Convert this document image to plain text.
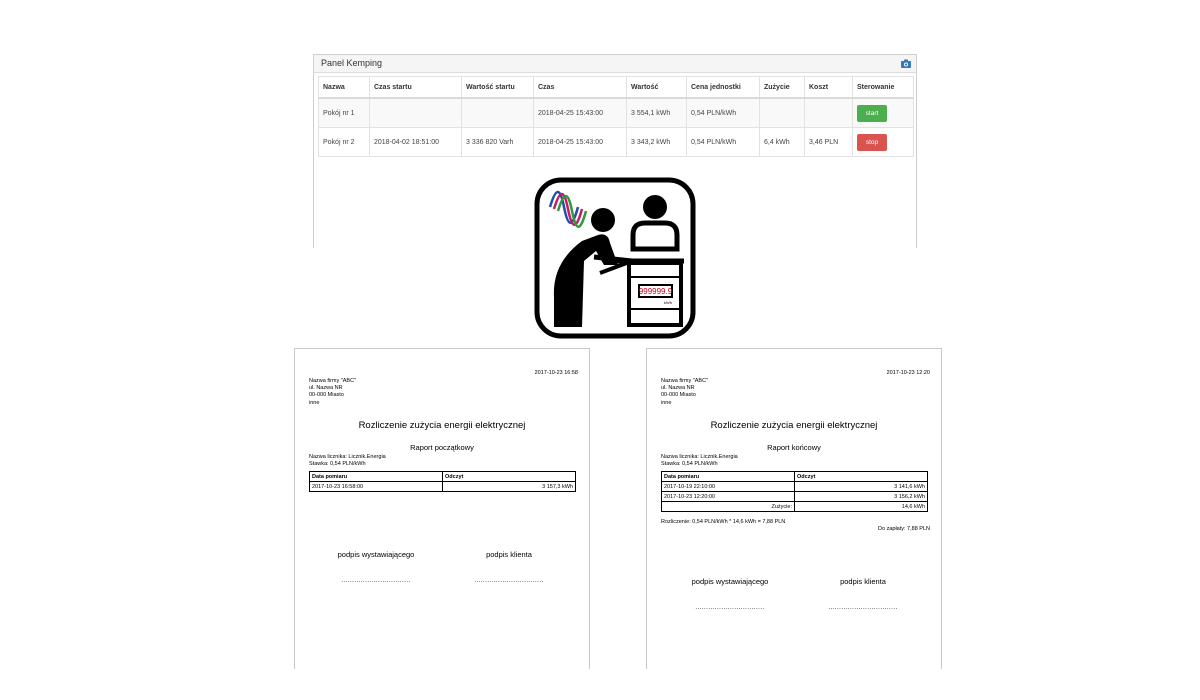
Panel Kemping
Nazwa	Czas startu	Wartość startu	Czas	Wartość	Cena jednostki	Zużycie	Koszt	Sterowanie
Pokój nr 1			2018-04-25 15:43:00	3 554,1 kWh	0,54 PLN/kWh			start
Pokój nr 2	2018-04-02 18:51:00	3 336 820 Varh	2018-04-25 15:43:00	3 343,2 kWh	0,54 PLN/kWh	6,4 kWh	3,46 PLN	stop
999999.9
kWh
2017-10-23 16:58
Nazwa firmy "ABC"
ul. Nazwa NR
00-000 Miasto
inne
Rozliczenie zużycia energii elektrycznej
Raport początkowy
Nazwa licznika: Licznik.Energia
Stawka: 0,54 PLN/kWh
Data pomiaru	Odczyt
2017-10-23 16:58:00	3 157,3 kWh
podpis wystawiającego	podpis klienta
................................	................................
2017-10-23 12:20
Nazwa firmy "ABC"
ul. Nazwa NR
00-000 Miasto
inne
Rozliczenie zużycia energii elektrycznej
Raport końcowy
Nazwa licznika: Licznik.Energia
Stawka: 0,54 PLN/kWh
Data pomiaru	Odczyt
2017-10-19 22:10:00	3 141,6 kWh
2017-10-23 12:20:00	3 156,2 kWh
Zużycie:	14,6 kWh
Rozliczenie: 0,54 PLN/kWh * 14,6 kWh = 7,88 PLN
Do zapłaty: 7,88 PLN
podpis wystawiającego	podpis klienta
................................	................................
